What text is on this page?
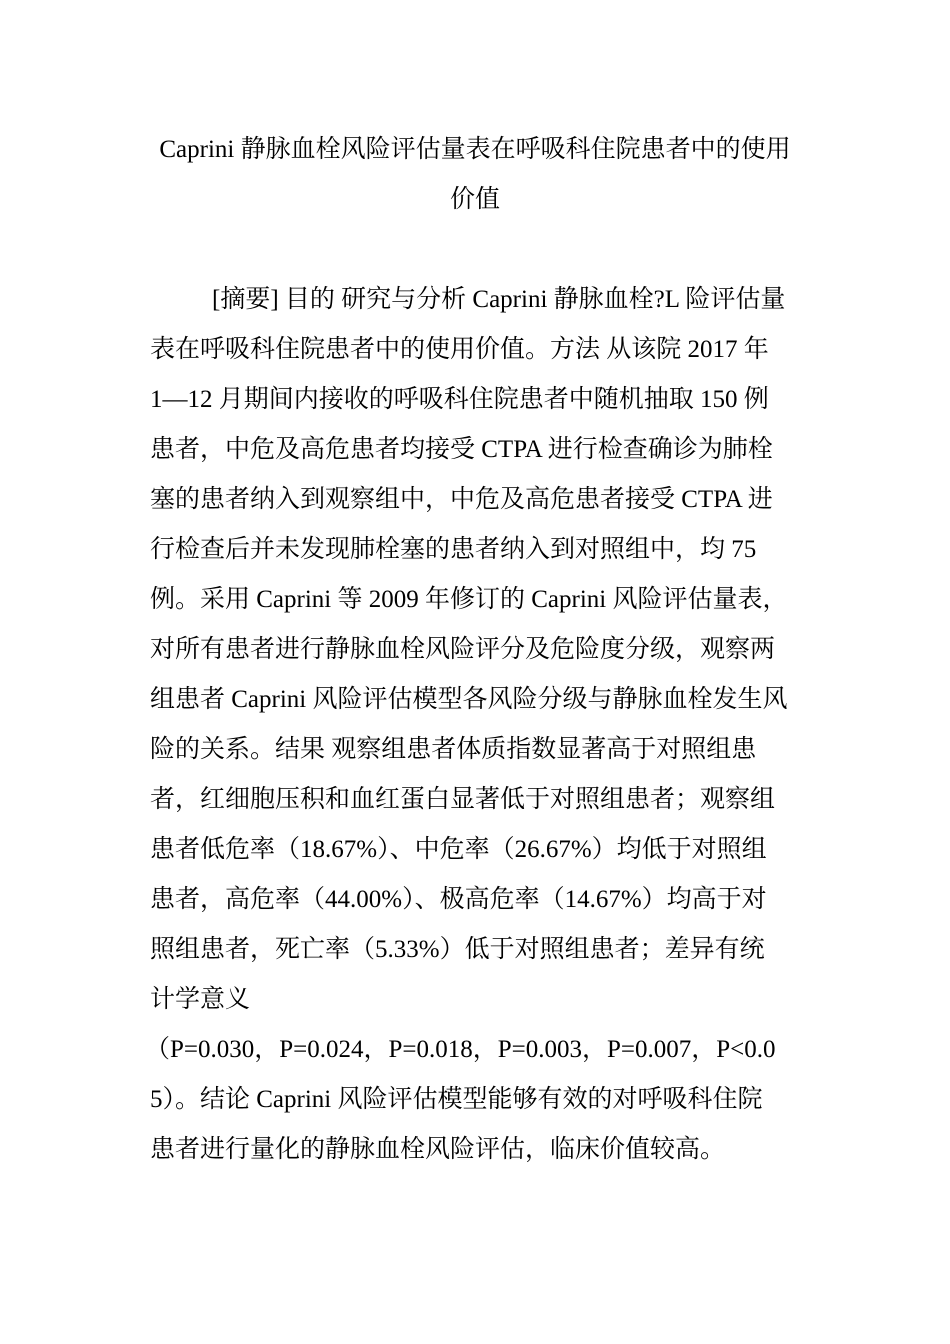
Caprini 静脉血栓风险评估量表在呼吸科住院患者中的使用
价值
[摘要] 目的 研究与分析 Caprini 静脉血栓?L 险评估量
表在呼吸科住院患者中的使用价值。方法 从该院 2017 年
1—12 月期间内接收的呼吸科住院患者中随机抽取 150 例
患者，中危及高危患者均接受 CTPA 进行检查确诊为肺栓
塞的患者纳入到观察组中，中危及高危患者接受 CTPA 进
行检查后并未发现肺栓塞的患者纳入到对照组中，均 75
例。采用 Caprini 等 2009 年修订的 Caprini 风险评估量表，
对所有患者进行静脉血栓风险评分及危险度分级，观察两
组患者 Caprini 风险评估模型各风险分级与静脉血栓发生风
险的关系。结果 观察组患者体质指数显著高于对照组患
者，红细胞压积和血红蛋白显著低于对照组患者；观察组
患者低危率（18.67%）、中危率（26.67%）均低于对照组
患者，高危率（44.00%）、极高危率（14.67%）均高于对
照组患者，死亡率（5.33%）低于对照组患者；差异有统
计学意义
（P=0.030，P=0.024，P=0.018，P=0.003，P=0.007，P<0.0
5）。结论 Caprini 风险评估模型能够有效的对呼吸科住院
患者进行量化的静脉血栓风险评估，临床价值较高。
